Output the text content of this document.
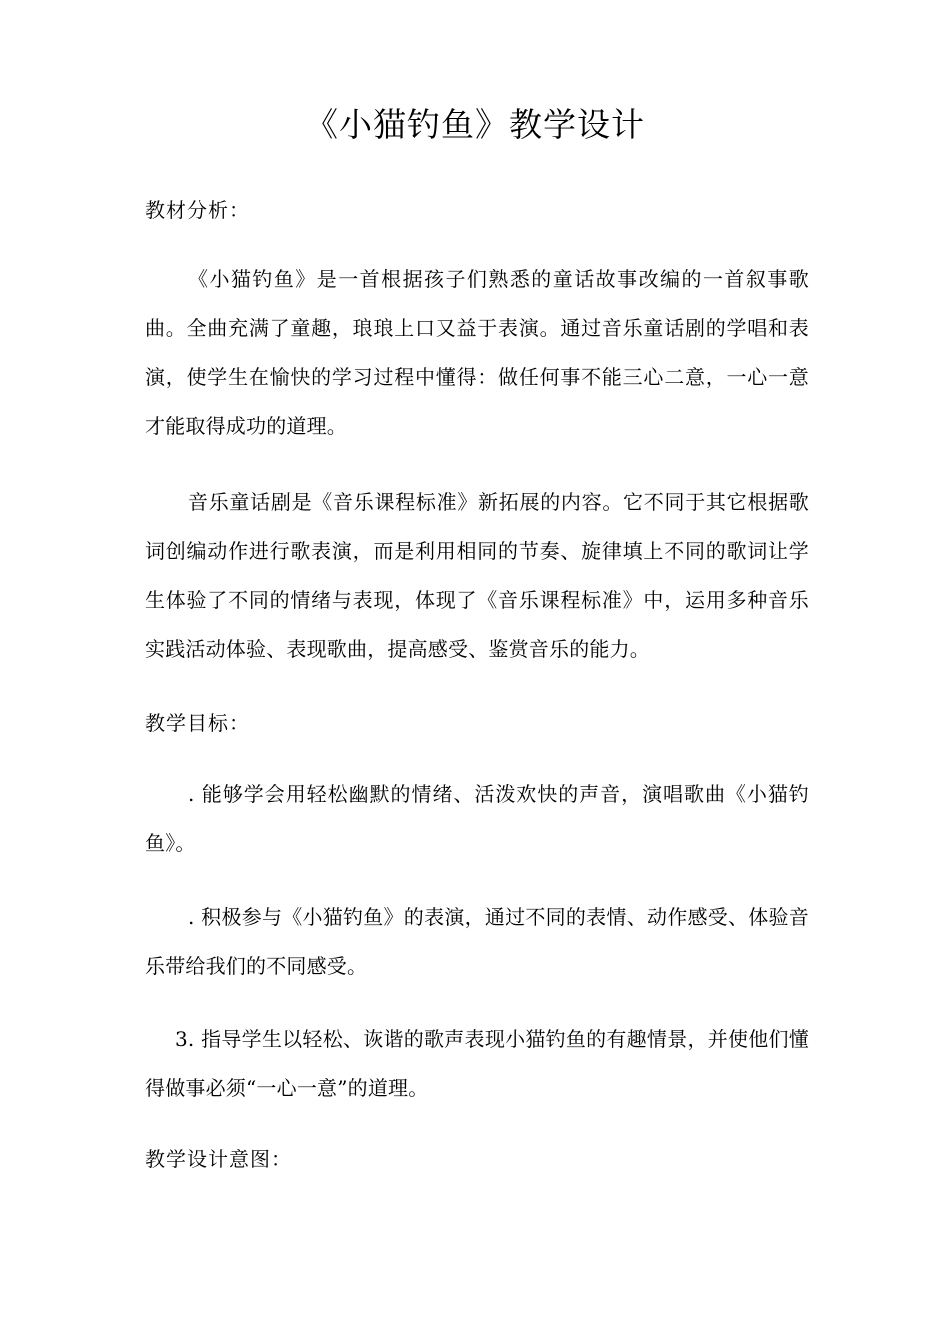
《小猫钓鱼》教学设计
教材分析：

《小猫钓鱼》是一首根据孩子们熟悉的童话故事改编的一首叙事歌曲。全曲充满了童趣，琅琅上口又益于表演。通过音乐童话剧的学唱和表演，使学生在愉快的学习过程中懂得：做任何事不能三心二意，一心一意才能取得成功的道理。

音乐童话剧是《音乐课程标准》新拓展的内容。它不同于其它根据歌词创编动作进行歌表演，而是利用相同的节奏、旋律填上不同的歌词让学生体验了不同的情绪与表现，体现了《音乐课程标准》中，运用多种音乐实践活动体验、表现歌曲，提高感受、鉴赏音乐的能力。

教学目标：

. 能够学会用轻松幽默的情绪、活泼欢快的声音，演唱歌曲《小猫钓鱼》。

. 积极参与《小猫钓鱼》的表演，通过不同的表情、动作感受、体验音乐带给我们的不同感受。

3. 指导学生以轻松、诙谐的歌声表现小猫钓鱼的有趣情景，并使他们懂得做事必须“一心一意”的道理。

教学设计意图：
